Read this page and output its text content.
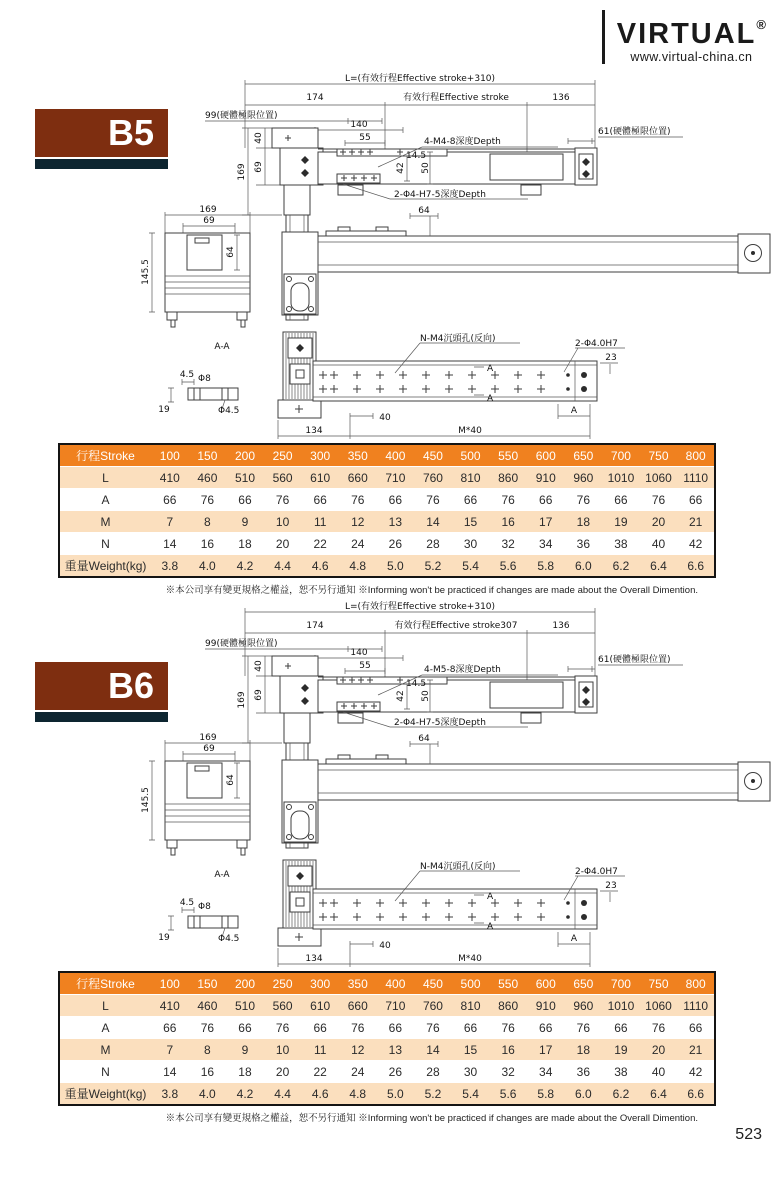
VIRTUAL®
www.virtual-china.cn
B5
L=(有效行程Effective stroke+310)
174	有效行程Effective stroke	136
99(硬體極限位置)
61(硬體極限位置)
140
55
14.5
4-M4-8深度Depth
2-Φ4-H7-5深度Depth
40
169 69	42 50
169
69
64
145.5
64
A-A
4.5 Φ8
Φ4.5
19
N-M4沉頭孔(反向)	2-Φ4.0H7
23
40
M*40
134
A
A
A
行程Stroke	100	150	200	250	300	350	400	450	500	550	600	650	700	750	800
L	410	460	510	560	610	660	710	760	810	860	910	960	1010	1060	1110
A	66	76	66	76	66	76	66	76	66	76	66	76	66	76	66
M	7	8	9	10	11	12	13	14	15	16	17	18	19	20	21
N	14	16	18	20	22	24	26	28	30	32	34	36	38	40	42
重量Weight(kg)	3.8	4.0	4.2	4.4	4.6	4.8	5.0	5.2	5.4	5.6	5.8	6.0	6.2	6.4	6.6
※本公司享有變更規格之權益，恕不另行通知 ※Informing won't be practiced if changes are made about the Overall Dimention.
B6
L=(有效行程Effective stroke+310)
174	有效行程Effective stroke307	136
99(硬體極限位置)
61(硬體極限位置)
140
55
14.5
4-M5-8深度Depth
2-Φ4-H7-5深度Depth
40
169 69	42 50
169
69
64
145.5
64
A-A
4.5 Φ8
Φ4.5
19
N-M4沉頭孔(反向)	2-Φ4.0H7
23
40
M*40
134
A
A
A
行程Stroke	100	150	200	250	300	350	400	450	500	550	600	650	700	750	800
L	410	460	510	560	610	660	710	760	810	860	910	960	1010	1060	1110
A	66	76	66	76	66	76	66	76	66	76	66	76	66	76	66
M	7	8	9	10	11	12	13	14	15	16	17	18	19	20	21
N	14	16	18	20	22	24	26	28	30	32	34	36	38	40	42
重量Weight(kg)	3.8	4.0	4.2	4.4	4.6	4.8	5.0	5.2	5.4	5.6	5.8	6.0	6.2	6.4	6.6
※本公司享有變更規格之權益，恕不另行通知 ※Informing won't be practiced if changes are made about the Overall Dimention.
523
